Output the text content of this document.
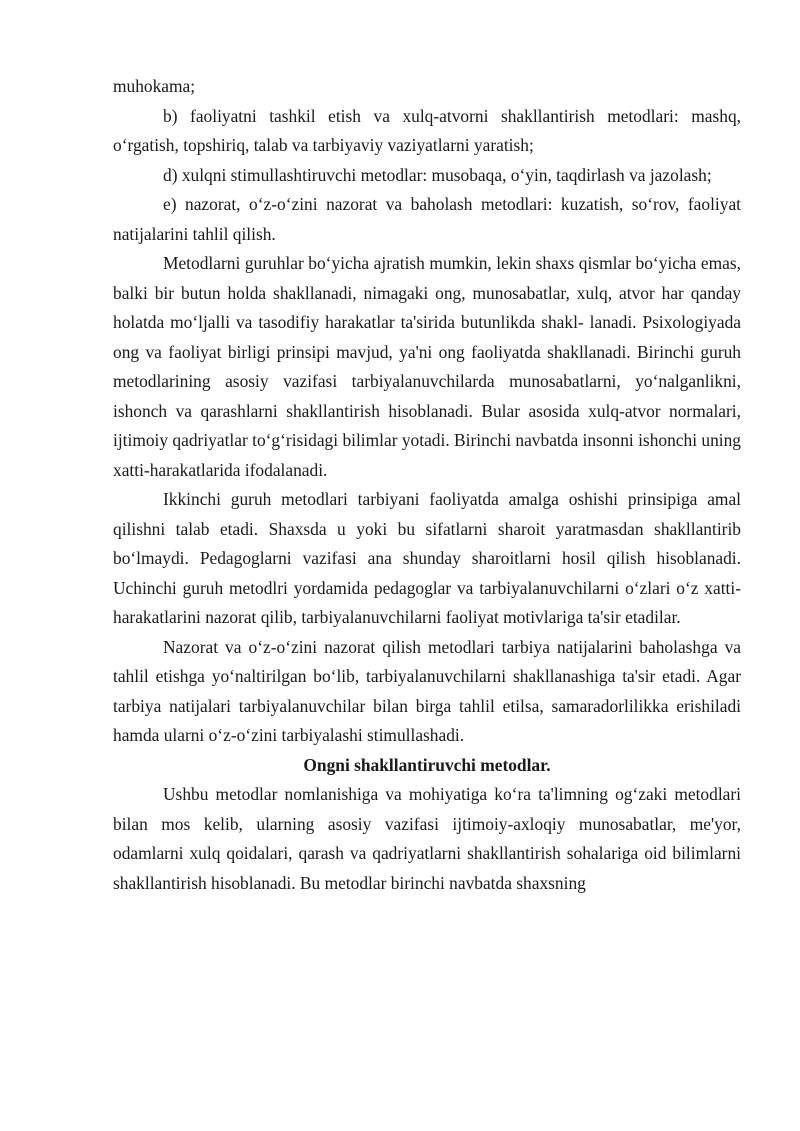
muhokama;

b) faoliyatni tashkil etish va xulq-atvorni shakllantirish metodlari: mashq, o‘rgatish, topshiriq, talab va tarbiyaviy vaziyatlarni yaratish;

d) xulqni stimullashtiruvchi metodlar: musobaqa, o‘yin, taqdirlash va jazolash;

e) nazorat, o‘z-o‘zini nazorat va baholash metodlari: kuzatish, so‘rov, faoliyat natijalarini tahlil qilish.

Metodlarni guruhlar bo‘yicha ajratish mumkin, lekin shaxs qismlar bo‘yicha emas, balki bir butun holda shakllanadi, nimagaki ong, munosabatlar, xulq, atvor har qanday holatda mo‘ljalli va tasodifiy harakatlar ta'sirida butunlikda shakl- lanadi. Psixologiyada ong va faoliyat birligi prinsipi mavjud, ya'ni ong faoliyatda shakllanadi. Birinchi guruh metodlarining asosiy vazifasi tarbiyalanuvchilarda munosabatlarni, yo‘nalganlikni, ishonch va qarashlarni shakllantirish hisoblanadi. Bular asosida xulq-atvor normalari, ijtimoiy qadriyatlar to‘g‘risidagi bilimlar yotadi. Birinchi navbatda insonni ishonchi uning xatti-harakatlarida ifodalanadi.

Ikkinchi guruh metodlari tarbiyani faoliyatda amalga oshishi prinsipiga amal qilishni talab etadi. Shaxsda u yoki bu sifatlarni sharoit yaratmasdan shakllantirib bo‘lmaydi. Pedagoglarni vazifasi ana shunday sharoitlarni hosil qilish hisoblanadi. Uchinchi guruh metodlri yordamida pedagoglar va tarbiyalanuvchilarni o‘zlari o‘z xatti-harakatlarini nazorat qilib, tarbiyalanuvchilarni faoliyat motivlariga ta'sir etadilar.

Nazorat va o‘z-o‘zini nazorat qilish metodlari tarbiya natijalarini baholashga va tahlil etishga yo‘naltirilgan bo‘lib, tarbiyalanuvchilarni shakllanashiga ta'sir etadi. Agar tarbiya natijalari tarbiyalanuvchilar bilan birga tahlil etilsa, samaradorlilikka erishiladi hamda ularni o‘z-o‘zini tarbiyalashi stimullashadi.

Ongni shakllantiruvchi metodlar.

Ushbu metodlar nomlanishiga va mohiyatiga ko‘ra ta'limning og‘zaki metodlari bilan mos kelib, ularning asosiy vazifasi ijtimoiy-axloqiy munosabatlar, me'yor, odamlarni xulq qoidalari, qarash va qadriyatlarni shakllantirish sohalariga oid bilimlarni shakllantirish hisoblanadi. Bu metodlar birinchi navbatda shaxsning
